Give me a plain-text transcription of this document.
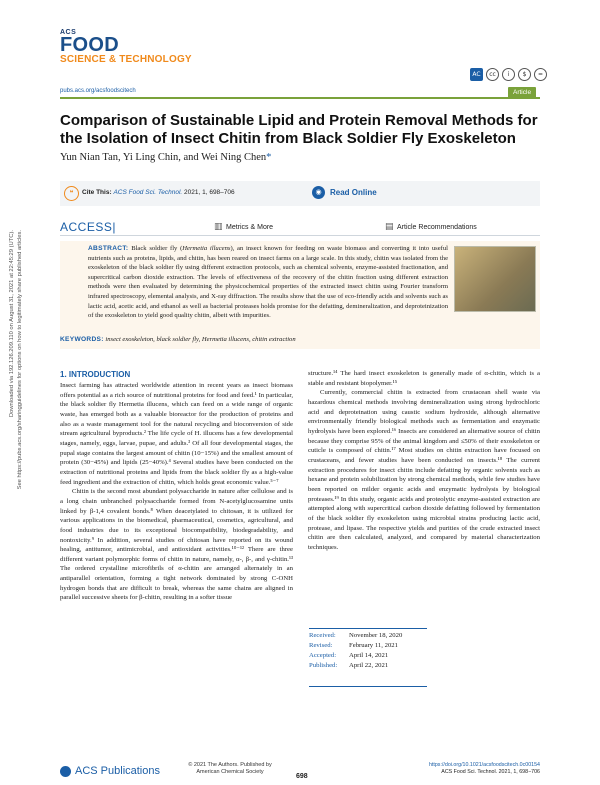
ACS
FOOD
SCIENCE & TECHNOLOGY
AC	cc	i	$	=
pubs.acs.org/acsfoodscitech	Article
Comparison of Sustainable Lipid and Protein Removal Methods for the Isolation of Insect Chitin from Black Soldier Fly Exoskeleton
Yun Nian Tan, Yi Ling Chin, and Wei Ning Chen*
❝	Cite This: ACS Food Sci. Technol. 2021, 1, 698–706	◉	Read Online
ACCESS|	▥ Metrics & More	▤ Article Recommendations
ABSTRACT: Black soldier fly (Hermetia illucens), an insect known for feeding on waste biomass and converting it into useful nutrients such as proteins, lipids, and chitin, has been reared on insect farms on a large scale. In this study, chitin was isolated from the exoskeleton of the black soldier fly using different extraction protocols, such as chemical solvents, enzyme-assisted fractionation, and supercritical carbon dioxide extraction. The levels of effectiveness of the recovery of the chitin fraction using different extraction methods were then evaluated by determining the physicochemical properties of the extracted insect chitin using Fourier transform infrared spectroscopy, elemental analysis, and X-ray diffraction. The results show that the use of eco-friendly acids and solvents such as lactic acid, acetic acid, and ethanol as well as bacterial proteases holds promise for the defatting, demineralization, and deproteinization of the exoskeleton to yield good quality chitin, albeit with impurities.
KEYWORDS: insect exoskeleton, black soldier fly, Hermetia illucens, chitin extraction
Downloaded via 192.126.209.110 on August 31, 2021 at 22:45:29 (UTC). See https://pubs.acs.org/sharingguidelines for options on how to legitimately share published articles.	1. INTRODUCTION

Insect farming has attracted worldwide attention in recent years as insect biomass offers potential as a rich source of nutritional proteins for food and feed.¹ In particular, the black soldier fly Hermetia illucens, which can feed on a wide range of organic waste, has emerged both as a valuable bioreactor for the production of proteins and also as a waste management tool for the natural recycling and bioconversion of side stream agricultural byproducts.² The life cycle of H. illucens has a few developmental stages, namely, eggs, larvae, pupae, and adults.³ Of all four developmental stages, the pupal stage contains the largest amount of chitin (10−15%) and the smallest amount of protein (30−45%) and lipids (25−40%).⁴ Several studies have been conducted on the extraction of nutritional proteins and lipids from the black soldier fly as a high-value feed ingredient and the extraction of chitin, which holds great economic value.⁵⁻⁷

Chitin is the second most abundant polysaccharide in nature after cellulose and is a long chain unbranched polysaccharide formed from N-acetylglucosamine units linked by β-1,4 covalent bonds.⁸ When deacetylated to chitosan, it is utilized for various applications in the biomedical, pharmaceutical, cosmetics, agricultural, and food industries due to its exceptional biocompatibility, biodegradability, and nontoxicity.⁹ In addition, several studies of chitosan have reported on its wound healing, antitumor, antimicrobial, and antioxidant activities.¹⁰⁻¹² There are three different variant polymorphic forms of chitin in nature, namely, α-, β-, and γ-chitin.¹³ The ordered crystalline microfibrils of α-chitin are arranged alternately in an antiparallel orientation, forming a tight network dominated by strong C-ONH hydrogen bonds that are difficult to break, whereas the same chains are aligned in parallel successive sheets for β-chitin, resulting in a softer tissue

structure.¹⁴ The hard insect exoskeleton is generally made of α-chitin, which is a stable and resistant biopolymer.¹⁵

Currently, commercial chitin is extracted from crustacean shell waste via hazardous chemical methods involving demineralization using strong hydrochloric acid and deproteination using caustic sodium hydroxide, although alternative environmentally friendly biological methods such as fermentation and enzymatic hydrolysis have been explored.¹⁶ Insects are considered an alternative source of chitin because they comprise 95% of the animal kingdom and ≤50% of their exoskeleton or cuticle is composed of chitin.¹⁷ Most studies on chitin extraction have focused on crustaceans, and fewer studies have been conducted on insects.¹⁸ The current extraction procedures for insect chitin include defatting by organic solvents such as hexane and protein solubilization by strong chemical methods, while few studies have been reported on milder organic acids and enzymatic hydrolysis by biological proteases.¹⁹ In this study, organic acids and proteolytic enzyme-assisted extraction are attempted along with supercritical carbon dioxide defatting followed by fermentation of the black soldier fly exoskeleton using microbial strains producing lactic acid, protease, and lipase. The respective yields and purities of the crude extracted insect chitin are then calculated, analyzed, and compared by material characterization techniques.

Received: November 18, 2020
Revised: February 11, 2021
Accepted: April 14, 2021
Published: April 22, 2021
ACS Publications	© 2021 The Authors. Published by American Chemical Society
698
https://doi.org/10.1021/acsfoodscitech.0c00154
ACS Food Sci. Technol. 2021, 1, 698−706
